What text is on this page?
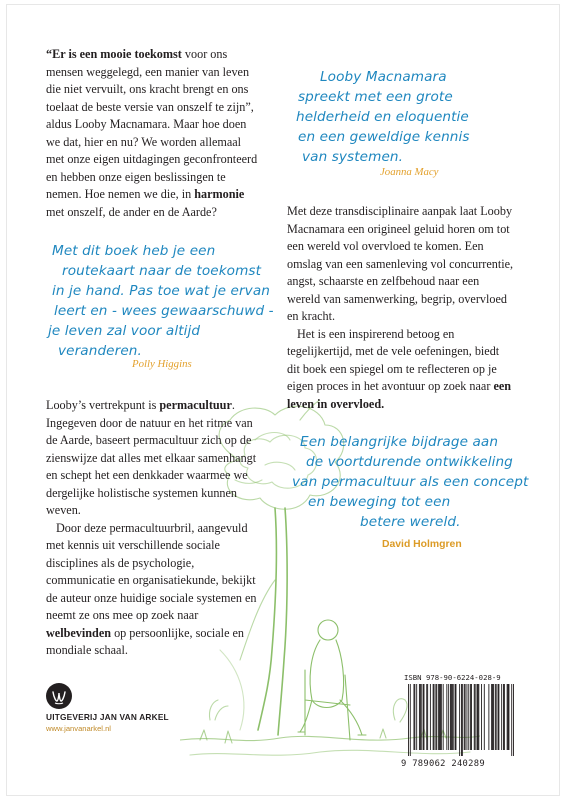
“Er is een mooie toekomst voor ons mensen weggelegd, een manier van leven die niet vervuilt, ons kracht brengt en ons toelaat de beste versie van onszelf te zijn”, aldus Looby Macnamara. Maar hoe doen we dat, hier en nu? We worden allemaal met onze eigen uitdagingen geconfronteerd en hebben onze eigen beslissingen te nemen. Hoe nemen we die, in harmonie met onszelf, de ander en de Aarde?

Met dit boek heb je een
routekaart naar de toekomst
in je hand. Pas toe wat je ervan
leert en - wees gewaarschuwd -
je leven zal voor altijd
veranderen.
Polly Higgins

Looby’s vertrekpunt is permacultuur. Ingegeven door de natuur en het ritme van de Aarde, baseert permacultuur zich op de zienswijze dat alles met elkaar samenhangt en schept het een denkkader waarmee we dergelijke holistische systemen kunnen weven.

Door deze permacultuurbril, aangevuld met kennis uit verschillende sociale disciplines als de psychologie, communicatie en organisatiekunde, bekijkt de auteur onze huidige sociale systemen en neemt ze ons mee op zoek naar welbevinden op persoonlijke, sociale en mondiale schaal.

Looby Macnamara
spreekt met een grote
helderheid en eloquentie
en een geweldige kennis
van systemen.
Joanna Macy

Met deze transdisciplinaire aanpak laat Looby Macnamara een origineel geluid horen om tot een wereld vol overvloed te komen. Een omslag van een samenleving vol concurrentie, angst, schaarste en zelfbehoud naar een wereld van samenwerking, begrip, overvloed en kracht.

Het is een inspirerend betoog en tegelijkertijd, met de vele oefeningen, biedt dit boek een spiegel om te reflecteren op je eigen proces in het avontuur op zoek naar een leven in overvloed.

Een belangrijke bijdrage aan
de voortdurende ontwikkeling
van permacultuur als een concept
en beweging tot een
betere wereld.
David Holmgren
UITGEVERIJ JAN VAN ARKEL
www.janvanarkel.nl
ISBN 978-90-6224-028-9
9 789062 240289
